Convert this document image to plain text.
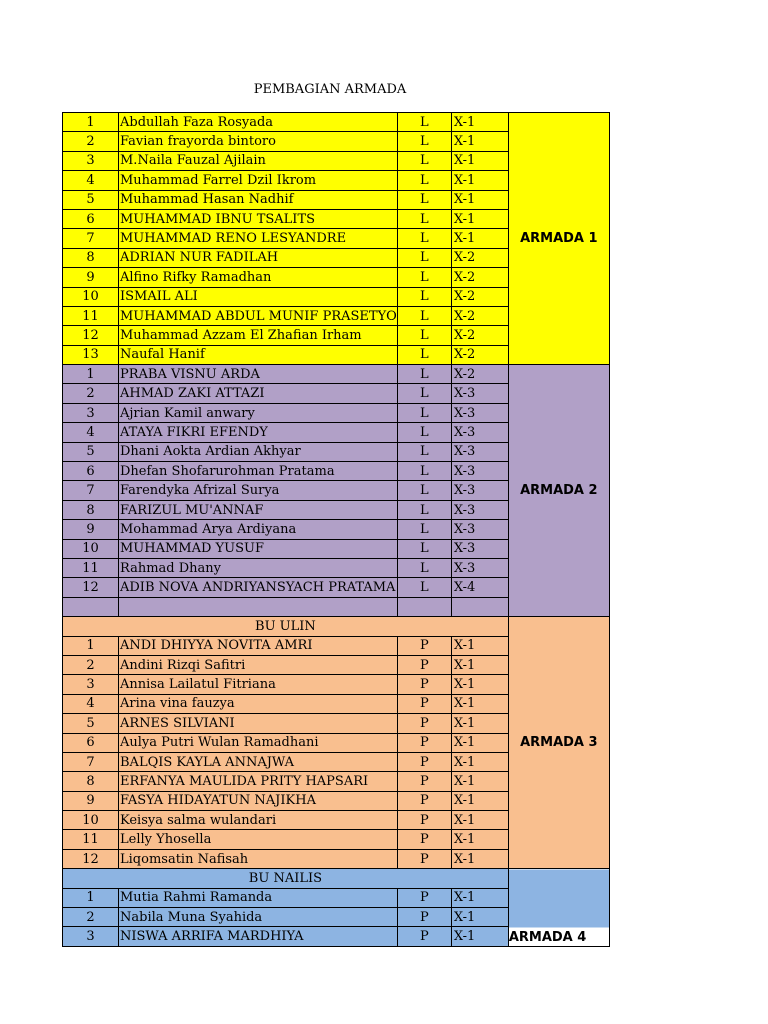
PEMBAGIAN ARMADA
1	Abdullah Faza Rosyada	L	X-1	ARMADA 1
2	Favian frayorda bintoro	L	X-1	
3	M.Naila Fauzal Ajilain	L	X-1	
4	Muhammad Farrel Dzil Ikrom	L	X-1	
5	Muhammad Hasan Nadhif	L	X-1	
6	MUHAMMAD IBNU TSALITS	L	X-1	
7	MUHAMMAD RENO LESYANDRE	L	X-1	
8	ADRIAN NUR FADILAH	L	X-2	
9	Alfino Rifky Ramadhan	L	X-2	
10	ISMAIL ALI	L	X-2	
11	MUHAMMAD ABDUL MUNIF PRASETYO	L	X-2	
12	Muhammad Azzam El Zhafian Irham	L	X-2	
13	Naufal Hanif	L	X-2	
1	PRABA VISNU ARDA	L	X-2	ARMADA 2
2	AHMAD ZAKI ATTAZI	L	X-3	
3	Ajrian Kamil anwary	L	X-3	
4	ATAYA FIKRI EFENDY	L	X-3	
5	Dhani Aokta Ardian Akhyar	L	X-3	
6	Dhefan Shofarurohman Pratama	L	X-3	
7	Farendyka Afrizal Surya	L	X-3	
8	FARIZUL MU'ANNAF	L	X-3	
9	Mohammad Arya Ardiyana	L	X-3	
10	MUHAMMAD YUSUF	L	X-3	
11	Rahmad Dhany	L	X-3	
12	ADIB NOVA ANDRIYANSYACH PRATAMA	L	X-4	

BU ULIN				ARMADA 3
1	ANDI DHIYYA NOVITA AMRI	P	X-1	
2	Andini Rizqi Safitri	P	X-1	
3	Annisa Lailatul Fitriana	P	X-1	
4	Arina vina fauzya	P	X-1	
5	ARNES SILVIANI	P	X-1	
6	Aulya Putri Wulan Ramadhani	P	X-1	
7	BALQIS KAYLA ANNAJWA	P	X-1	
8	ERFANYA MAULIDA PRITY HAPSARI	P	X-1	
9	FASYA HIDAYATUN NAJIKHA	P	X-1	
10	Keisya salma wulandari	P	X-1	
11	Lelly Yhosella	P	X-1	
12	Liqomsatin Nafisah	P	X-1	
BU NAILIS				ARMADA 4
1	Mutia Rahmi Ramanda	P	X-1	
2	Nabila Muna Syahida	P	X-1	
3	NISWA ARRIFA MARDHIYA	P	X-1	
